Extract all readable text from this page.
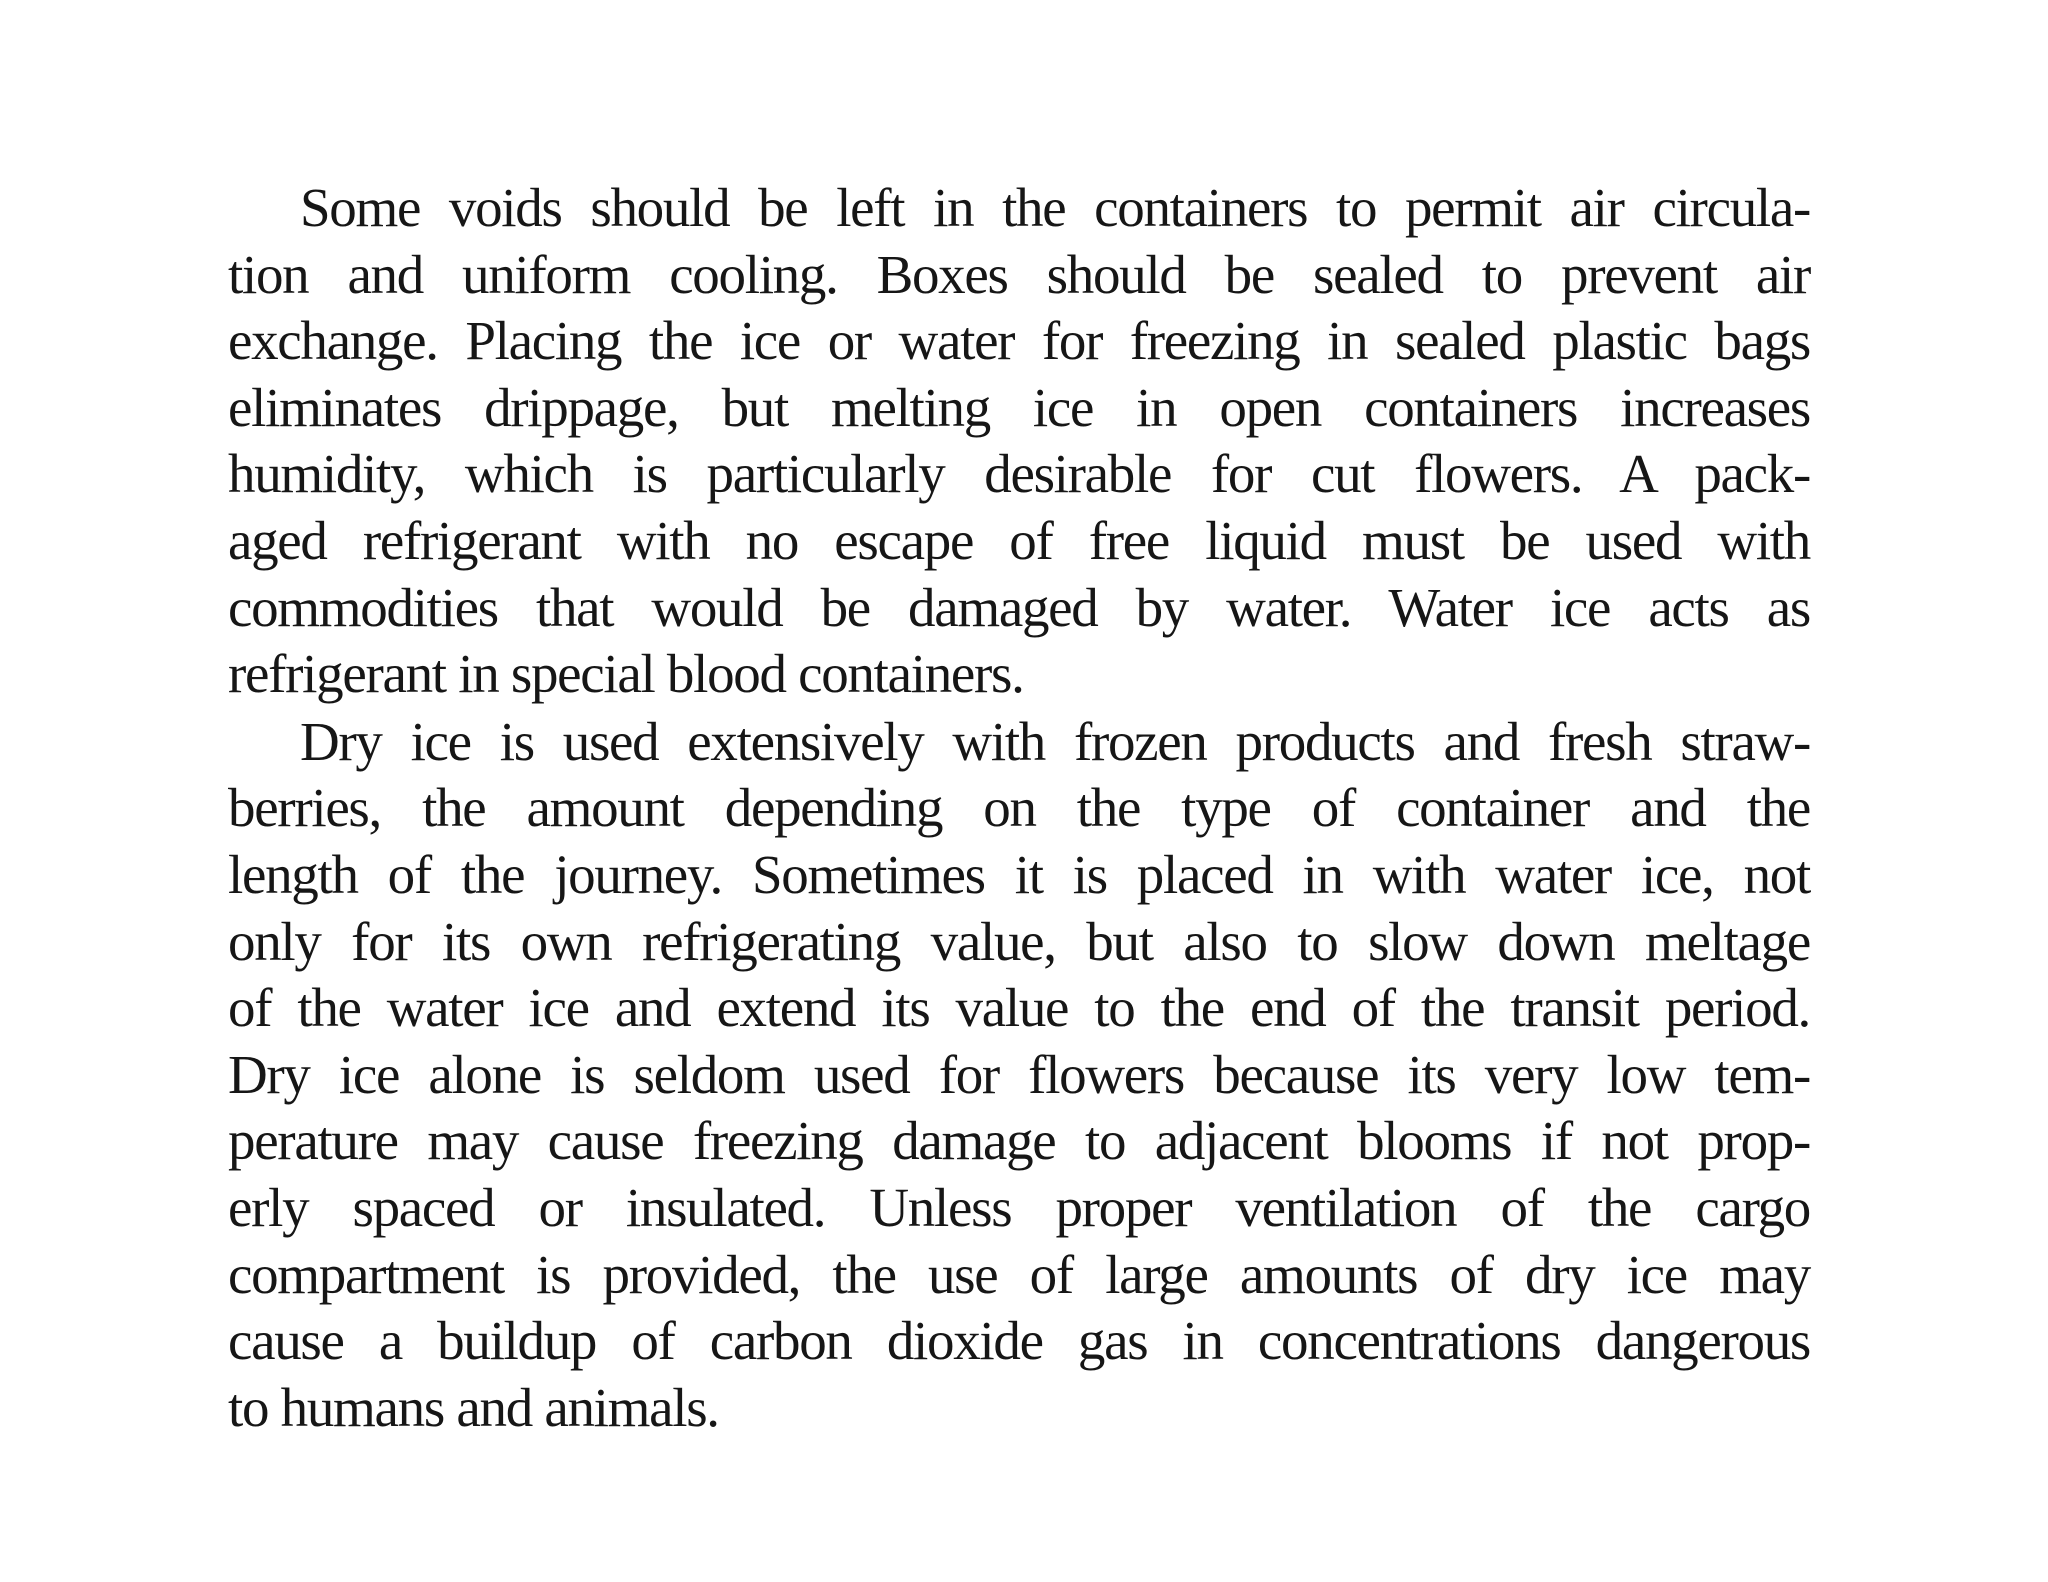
Some voids should be left in the containers to permit air circula-
tion and uniform cooling. Boxes should be sealed to prevent air
exchange. Placing the ice or water for freezing in sealed plastic bags
eliminates drippage, but melting ice in open containers increases
humidity, which is particularly desirable for cut flowers. A pack-
aged refrigerant with no escape of free liquid must be used with
commodities that would be damaged by water. Water ice acts as
refrigerant in special blood containers.

Dry ice is used extensively with frozen products and fresh straw-
berries, the amount depending on the type of container and the
length of the journey. Sometimes it is placed in with water ice, not
only for its own refrigerating value, but also to slow down meltage
of the water ice and extend its value to the end of the transit period.
Dry ice alone is seldom used for flowers because its very low tem-
perature may cause freezing damage to adjacent blooms if not prop-
erly spaced or insulated. Unless proper ventilation of the cargo
compartment is provided, the use of large amounts of dry ice may
cause a buildup of carbon dioxide gas in concentrations dangerous
to humans and animals.
